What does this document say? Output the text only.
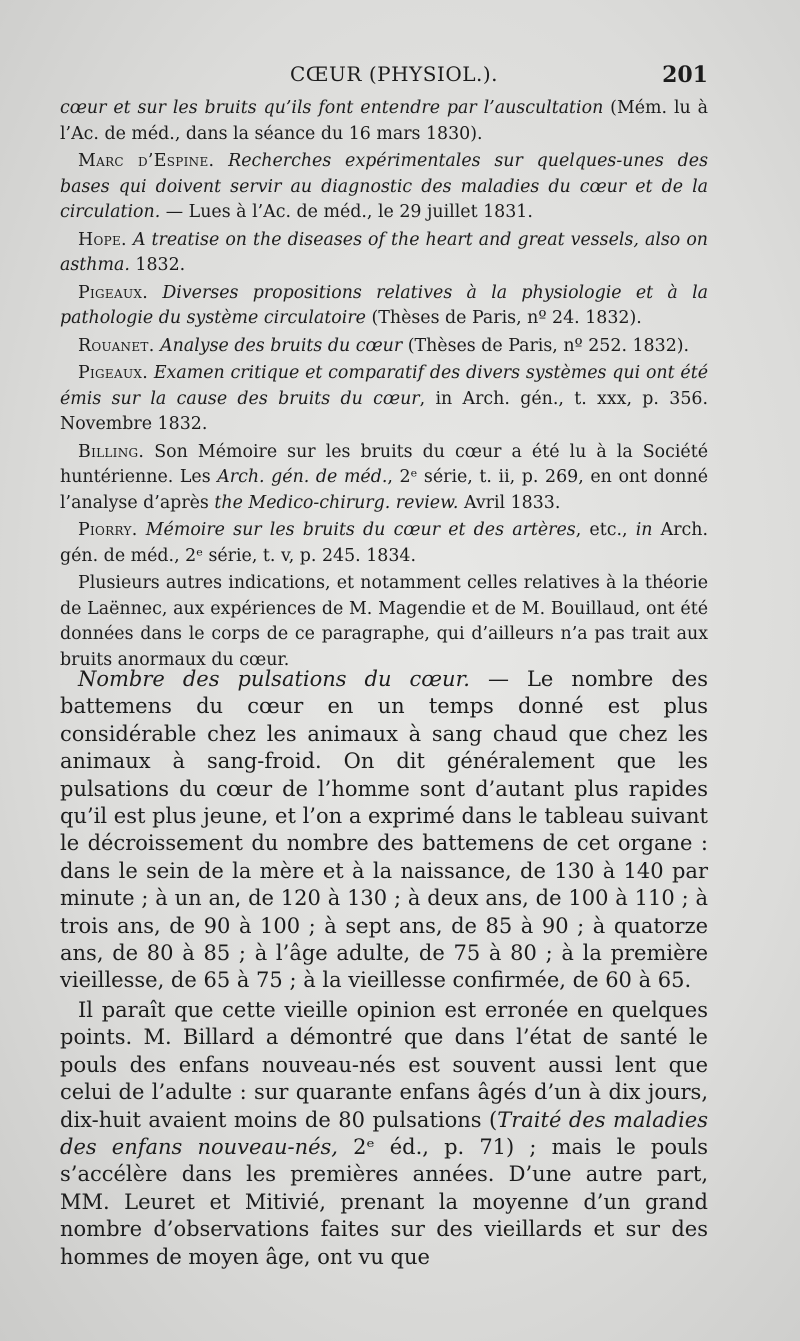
CŒUR (PHYSIOL.).	201

cœur et sur les bruits qu’ils font entendre par l’auscultation (Mém. lu à l’Ac. de méd., dans la séance du 16 mars 1830).

Marc d’Espine. Recherches expérimentales sur quelques-unes des bases qui doivent servir au diagnostic des maladies du cœur et de la circulation. — Lues à l’Ac. de méd., le 29 juillet 1831.

Hope. A treatise on the diseases of the heart and great vessels, also on asthma. 1832.

Pigeaux. Diverses propositions relatives à la physiologie et à la pathologie du système circulatoire (Thèses de Paris, nº 24. 1832).

Rouanet. Analyse des bruits du cœur (Thèses de Paris, nº 252. 1832).

Pigeaux. Examen critique et comparatif des divers systèmes qui ont été émis sur la cause des bruits du cœur, in Arch. gén., t. xxx, p. 356. Novembre 1832.

Billing. Son Mémoire sur les bruits du cœur a été lu à la Société huntérienne. Les Arch. gén. de méd., 2ᵉ série, t. ii, p. 269, en ont donné l’analyse d’après the Medico-chirurg. review. Avril 1833.

Piorry. Mémoire sur les bruits du cœur et des artères, etc., in Arch. gén. de méd., 2ᵉ série, t. v, p. 245. 1834.

Plusieurs autres indications, et notamment celles relatives à la théorie de Laënnec, aux expériences de M. Magendie et de M. Bouillaud, ont été données dans le corps de ce paragraphe, qui d’ailleurs n’a pas trait aux bruits anormaux du cœur.

Nombre des pulsations du cœur. — Le nombre des battemens du cœur en un temps donné est plus considérable chez les animaux à sang chaud que chez les animaux à sang-froid. On dit généralement que les pulsations du cœur de l’homme sont d’autant plus rapides qu’il est plus jeune, et l’on a exprimé dans le tableau suivant le décroissement du nombre des battemens de cet organe : dans le sein de la mère et à la naissance, de 130 à 140 par minute ; à un an, de 120 à 130 ; à deux ans, de 100 à 110 ; à trois ans, de 90 à 100 ; à sept ans, de 85 à 90 ; à quatorze ans, de 80 à 85 ; à l’âge adulte, de 75 à 80 ; à la première vieillesse, de 65 à 75 ; à la vieillesse confirmée, de 60 à 65.

Il paraît que cette vieille opinion est erronée en quelques points. M. Billard a démontré que dans l’état de santé le pouls des enfans nouveau-nés est souvent aussi lent que celui de l’adulte : sur quarante enfans âgés d’un à dix jours, dix-huit avaient moins de 80 pulsations (Traité des maladies des enfans nouveau-nés, 2ᵉ éd., p. 71) ; mais le pouls s’accélère dans les premières années. D’une autre part, MM. Leuret et Mitivié, prenant la moyenne d’un grand nombre d’observations faites sur des vieillards et sur des hommes de moyen âge, ont vu que
